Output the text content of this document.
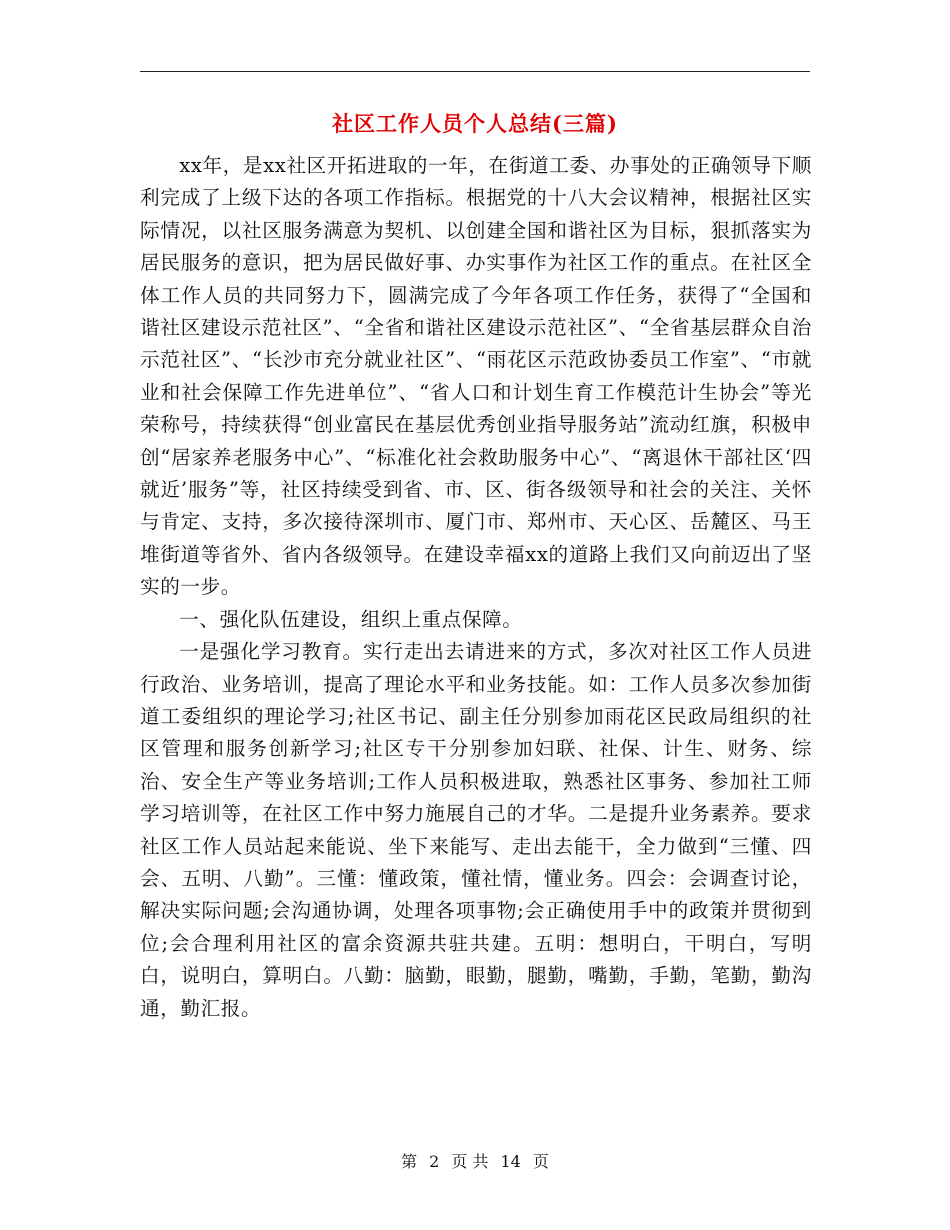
社区工作人员个人总结(三篇)

xx年，是xx社区开拓进取的一年，在街道工委、办事处的正确领导下顺利完成了上级下达的各项工作指标。根据党的十八大会议精神，根据社区实际情况，以社区服务满意为契机、以创建全国和谐社区为目标，狠抓落实为居民服务的意识，把为居民做好事、办实事作为社区工作的重点。在社区全体工作人员的共同努力下，圆满完成了今年各项工作任务，获得了“全国和谐社区建设示范社区”、“全省和谐社区建设示范社区”、“全省基层群众自治示范社区”、“长沙市充分就业社区”、“雨花区示范政协委员工作室”、“市就业和社会保障工作先进单位”、“省人口和计划生育工作模范计生协会”等光荣称号，持续获得“创业富民在基层优秀创业指导服务站”流动红旗，积极申创“居家养老服务中心”、“标准化社会救助服务中心”、“离退休干部社区‘四就近’服务”等，社区持续受到省、市、区、街各级领导和社会的关注、关怀与肯定、支持，多次接待深圳市、厦门市、郑州市、天心区、岳麓区、马王堆街道等省外、省内各级领导。在建设幸福xx的道路上我们又向前迈出了坚实的一步。

一、强化队伍建设，组织上重点保障。

一是强化学习教育。实行走出去请进来的方式，多次对社区工作人员进行政治、业务培训，提高了理论水平和业务技能。如：工作人员多次参加街道工委组织的理论学习;社区书记、副主任分别参加雨花区民政局组织的社区管理和服务创新学习;社区专干分别参加妇联、社保、计生、财务、综治、安全生产等业务培训;工作人员积极进取，熟悉社区事务、参加社工师学习培训等，在社区工作中努力施展自己的才华。二是提升业务素养。要求社区工作人员站起来能说、坐下来能写、走出去能干，全力做到“三懂、四会、五明、八勤”。三懂：懂政策，懂社情，懂业务。四会：会调查讨论，解决实际问题;会沟通协调，处理各项事物;会正确使用手中的政策并贯彻到位;会合理利用社区的富余资源共驻共建。五明：想明白，干明白，写明白，说明白，算明白。八勤：脑勤，眼勤，腿勤，嘴勤，手勤，笔勤，勤沟通，勤汇报。

第 2 页 共 14 页
